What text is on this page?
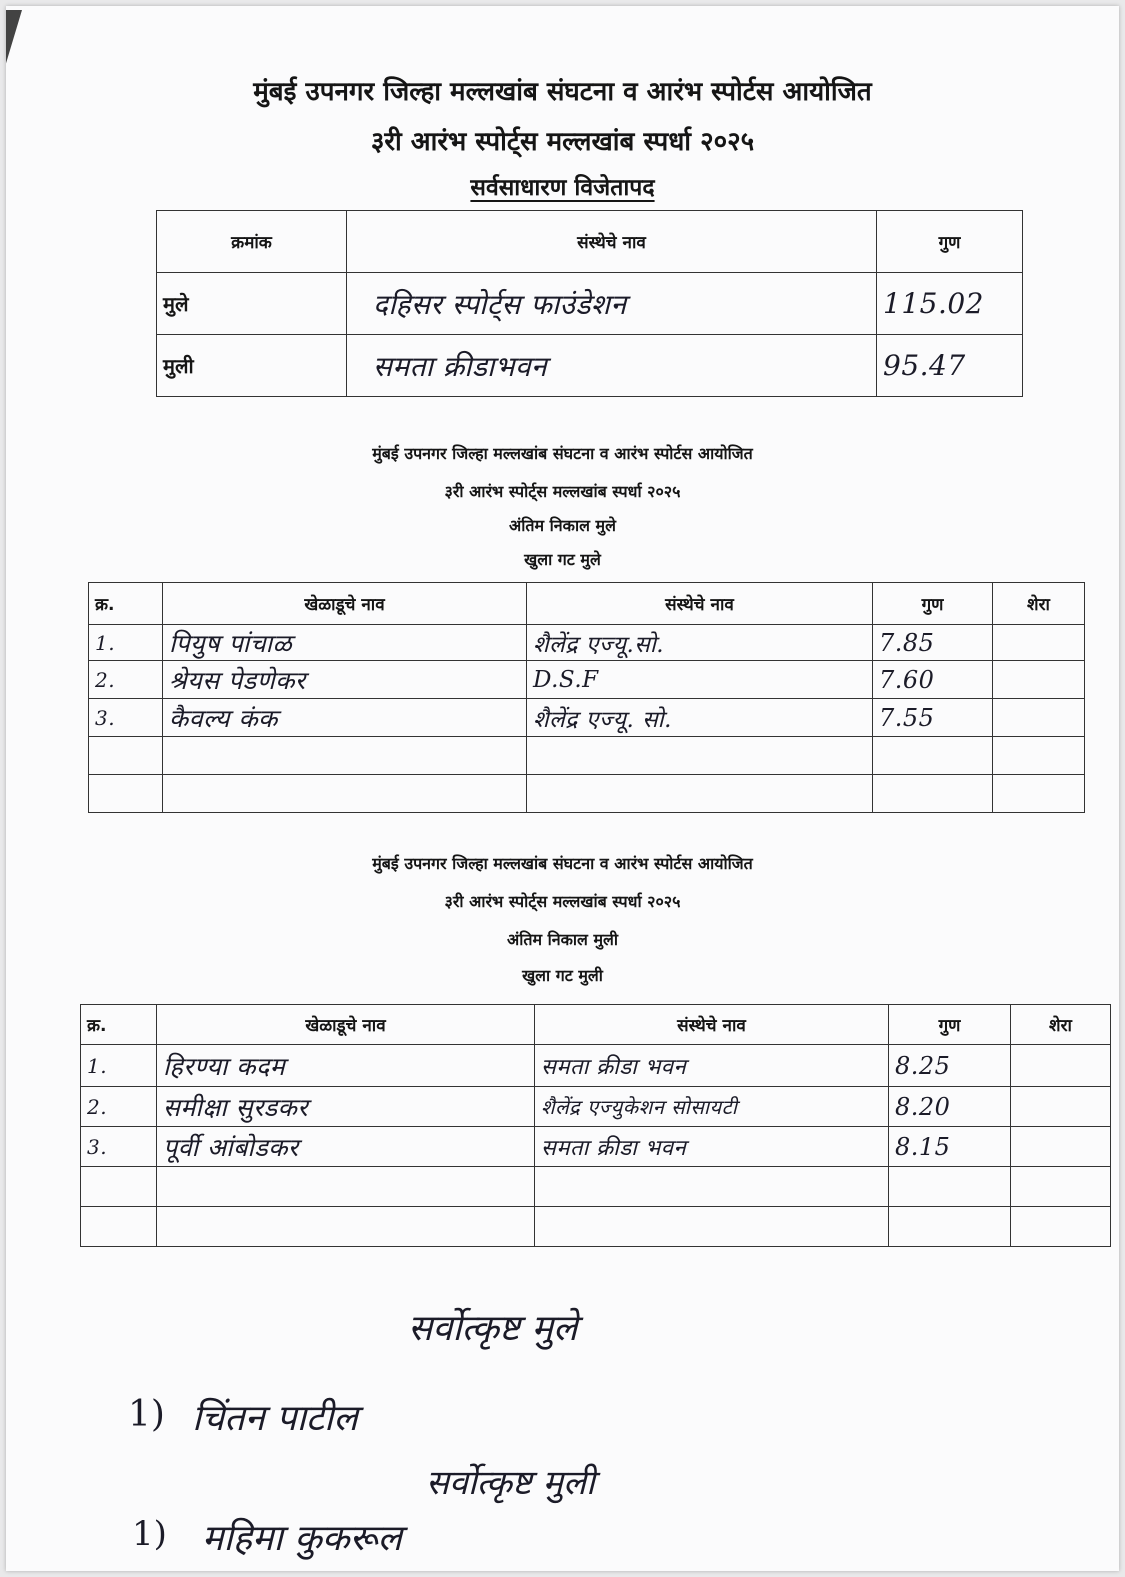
मुंबई उपनगर जिल्हा मल्लखांब संघटना व आरंभ स्पोर्टस आयोजित
३री आरंभ स्पोर्ट्स मल्लखांब स्पर्धा २०२५
सर्वसाधारण विजेतापद
क्रमांक	संस्थेचे नाव	गुण
मुले	दहिसर स्पोर्ट्स फाउंडेशन	115.02
मुली	समता क्रीडाभवन	95.47
मुंबई उपनगर जिल्हा मल्लखांब संघटना व आरंभ स्पोर्टस आयोजित
३री आरंभ स्पोर्ट्स मल्लखांब स्पर्धा २०२५
अंतिम निकाल मुले
खुला गट मुले
क्र.	खेळाडूचे नाव	संस्थेचे नाव	गुण	शेरा
1.	पियुष पांचाळ	शैलेंद्र एज्यू.सो.	7.85	
2.	श्रेयस पेडणेकर	D.S.F	7.60	
3.	कैवल्य कंक	शैलेंद्र एज्यू. सो.	7.55	

मुंबई उपनगर जिल्हा मल्लखांब संघटना व आरंभ स्पोर्टस आयोजित
३री आरंभ स्पोर्ट्स मल्लखांब स्पर्धा २०२५
अंतिम निकाल मुली
खुला गट मुली
क्र.	खेळाडूचे नाव	संस्थेचे नाव	गुण	शेरा
1.	हिरण्या कदम	समता क्रीडा भवन	8.25	
2.	समीक्षा सुरडकर	शैलेंद्र एज्युकेशन सोसायटी	8.20	
3.	पूर्वी आंबोडकर	समता क्रीडा भवन	8.15	

सर्वोत्कृष्ट मुले
1) चिंतन पाटील
सर्वोत्कृष्ट मुली
1) महिमा कुकरूल
